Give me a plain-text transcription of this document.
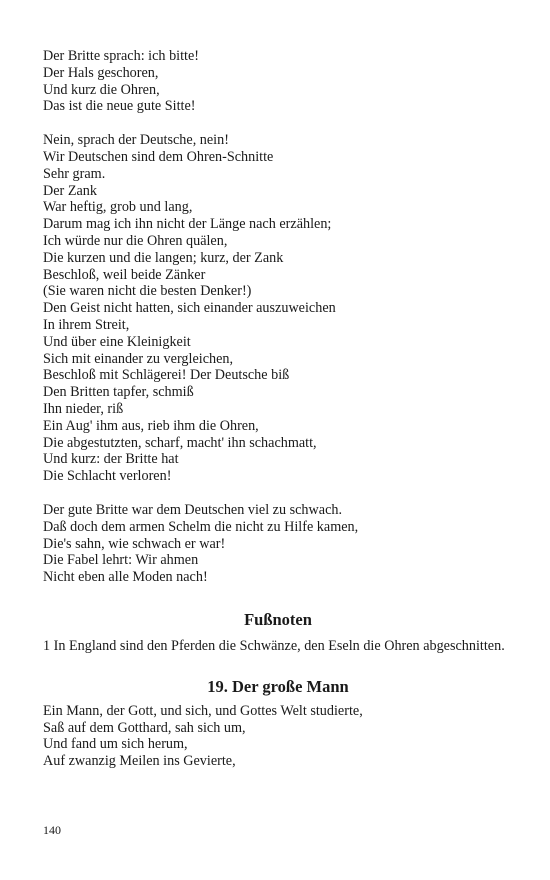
Der Britte sprach: ich bitte!
Der Hals geschoren,
Und kurz die Ohren,
Das ist die neue gute Sitte!
Nein, sprach der Deutsche, nein!
Wir Deutschen sind dem Ohren-Schnitte
Sehr gram.
Der Zank
War heftig, grob und lang,
Darum mag ich ihn nicht der Länge nach erzählen;
Ich würde nur die Ohren quälen,
Die kurzen und die langen; kurz, der Zank
Beschloß, weil beide Zänker
(Sie waren nicht die besten Denker!)
Den Geist nicht hatten, sich einander auszuweichen
In ihrem Streit,
Und über eine Kleinigkeit
Sich mit einander zu vergleichen,
Beschloß mit Schlägerei! Der Deutsche biß
Den Britten tapfer, schmiß
Ihn nieder, riß
Ein Aug' ihm aus, rieb ihm die Ohren,
Die abgestutzten, scharf, macht' ihn schachmatt,
Und kurz: der Britte hat
Die Schlacht verloren!
Der gute Britte war dem Deutschen viel zu schwach.
Daß doch dem armen Schelm die nicht zu Hilfe kamen,
Die's sahn, wie schwach er war!
Die Fabel lehrt: Wir ahmen
Nicht eben alle Moden nach!
Fußnoten

1 In England sind den Pferden die Schwänze, den Eseln die Ohren abgeschnitten.

19. Der große Mann
Ein Mann, der Gott, und sich, und Gottes Welt studierte,
Saß auf dem Gotthard, sah sich um,
Und fand um sich herum,
Auf zwanzig Meilen ins Gevierte,
140
